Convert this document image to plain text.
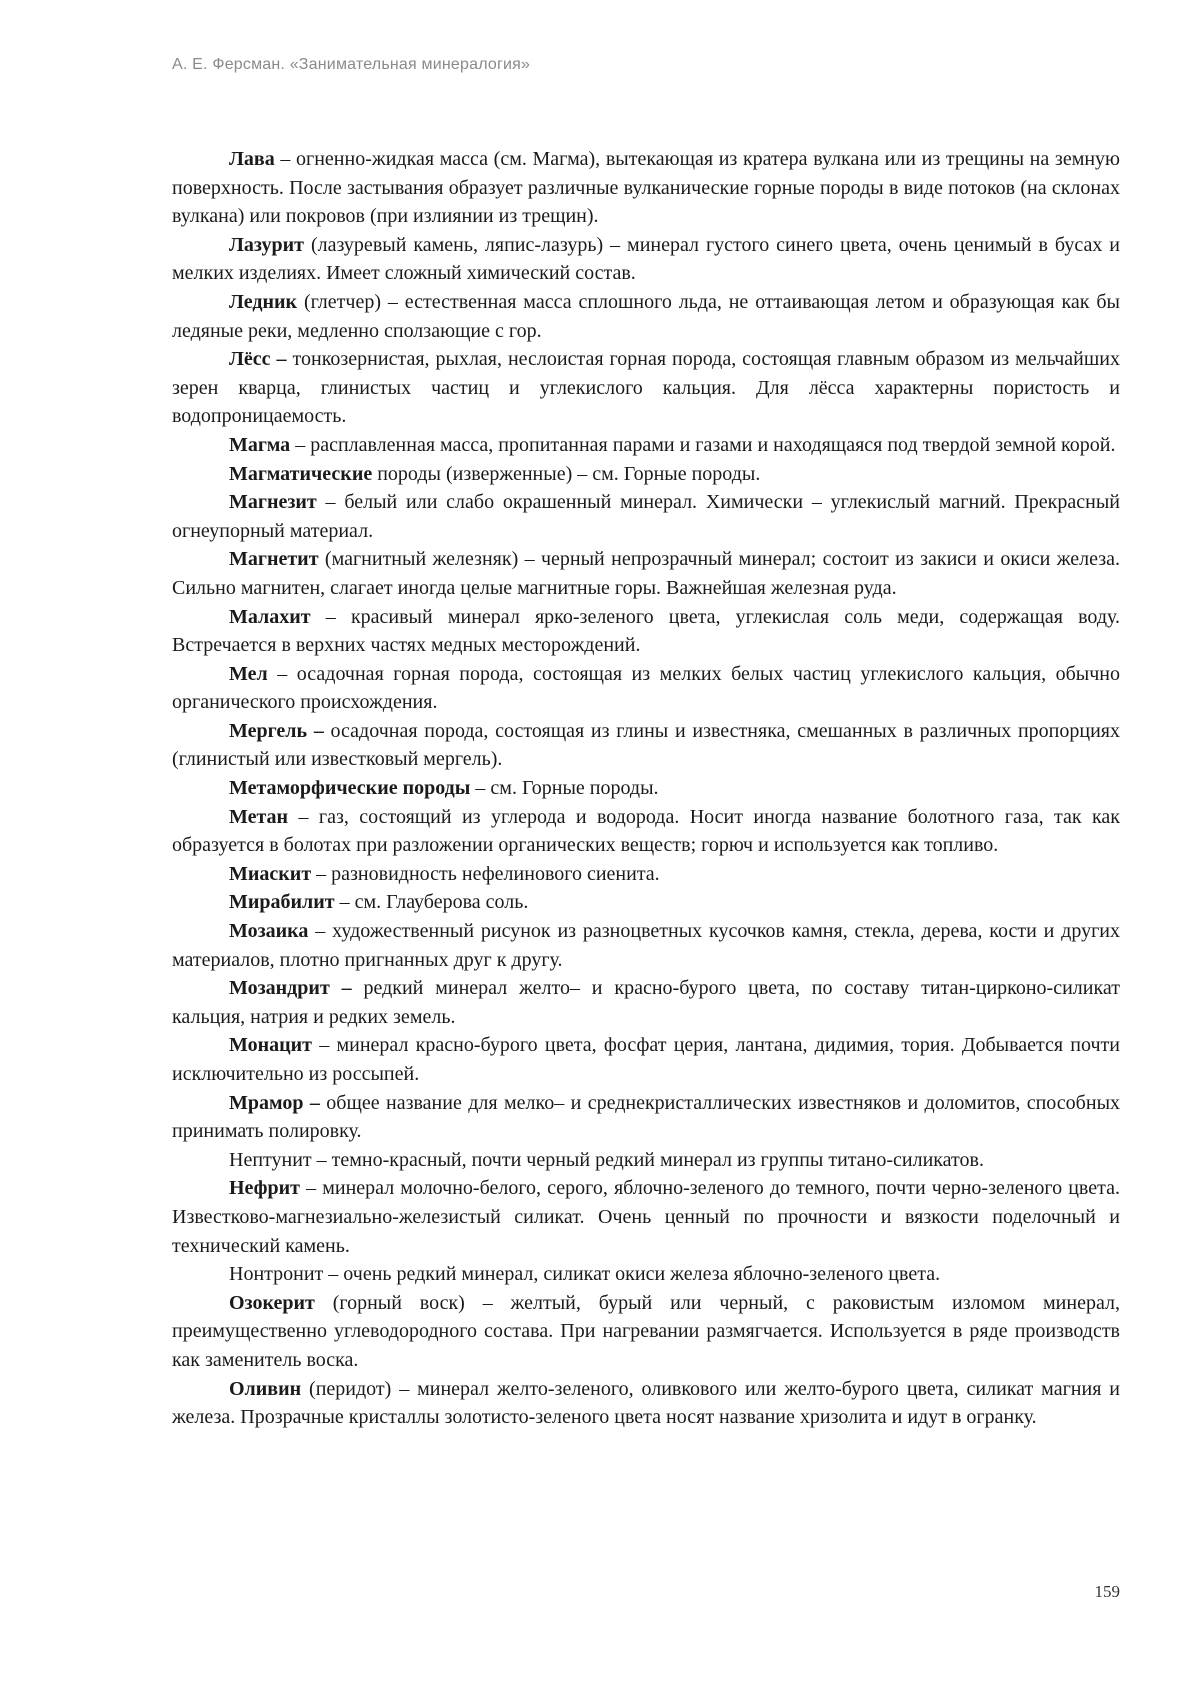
А. Е. Ферсман. «Занимательная минералогия»

Лава – огненно-жидкая масса (см. Магма), вытекающая из кратера вулкана или из трещины на земную поверхность. После застывания образует различные вулканические горные породы в виде потоков (на склонах вулкана) или покровов (при излиянии из трещин).

Лазурит (лазуревый камень, ляпис-лазурь) – минерал густого синего цвета, очень ценимый в бусах и мелких изделиях. Имеет сложный химический состав.

Ледник (глетчер) – естественная масса сплошного льда, не оттаивающая летом и образующая как бы ледяные реки, медленно сползающие с гор.

Лёсс – тонкозернистая, рыхлая, неслоистая горная порода, состоящая главным образом из мельчайших зерен кварца, глинистых частиц и углекислого кальция. Для лёсса характерны пористость и водопроницаемость.

Магма – расплавленная масса, пропитанная парами и газами и находящаяся под твердой земной корой.

Магматические породы (изверженные) – см. Горные породы.

Магнезит – белый или слабо окрашенный минерал. Химически – углекислый магний. Прекрасный огнеупорный материал.

Магнетит (магнитный железняк) – черный непрозрачный минерал; состоит из закиси и окиси железа. Сильно магнитен, слагает иногда целые магнитные горы. Важнейшая железная руда.

Малахит – красивый минерал ярко-зеленого цвета, углекислая соль меди, содержащая воду. Встречается в верхних частях медных месторождений.

Мел – осадочная горная порода, состоящая из мелких белых частиц углекислого кальция, обычно органического происхождения.

Мергель – осадочная порода, состоящая из глины и известняка, смешанных в различных пропорциях (глинистый или известковый мергель).

Метаморфические породы – см. Горные породы.

Метан – газ, состоящий из углерода и водорода. Носит иногда название болотного газа, так как образуется в болотах при разложении органических веществ; горюч и используется как топливо.

Миаскит – разновидность нефелинового сиенита.

Мирабилит – см. Глауберова соль.

Мозаика – художественный рисунок из разноцветных кусочков камня, стекла, дерева, кости и других материалов, плотно пригнанных друг к другу.

Мозандрит – редкий минерал желто– и красно-бурого цвета, по составу титан-цирконо-силикат кальция, натрия и редких земель.

Монацит – минерал красно-бурого цвета, фосфат церия, лантана, дидимия, тория. Добывается почти исключительно из россыпей.

Мрамор – общее название для мелко– и среднекристаллических известняков и доломитов, способных принимать полировку.

Нептунит – темно-красный, почти черный редкий минерал из группы титано-силикатов.

Нефрит – минерал молочно-белого, серого, яблочно-зеленого до темного, почти черно-зеленого цвета. Известково-магнезиально-железистый силикат. Очень ценный по прочности и вязкости поделочный и технический камень.

Нонтронит – очень редкий минерал, силикат окиси железа яблочно-зеленого цвета.

Озокерит (горный воск) – желтый, бурый или черный, с раковистым изломом минерал, преимущественно углеводородного состава. При нагревании размягчается. Используется в ряде производств как заменитель воска.

Оливин (перидот) – минерал желто-зеленого, оливкового или желто-бурого цвета, силикат магния и железа. Прозрачные кристаллы золотисто-зеленого цвета носят название хризолита и идут в огранку.

159
